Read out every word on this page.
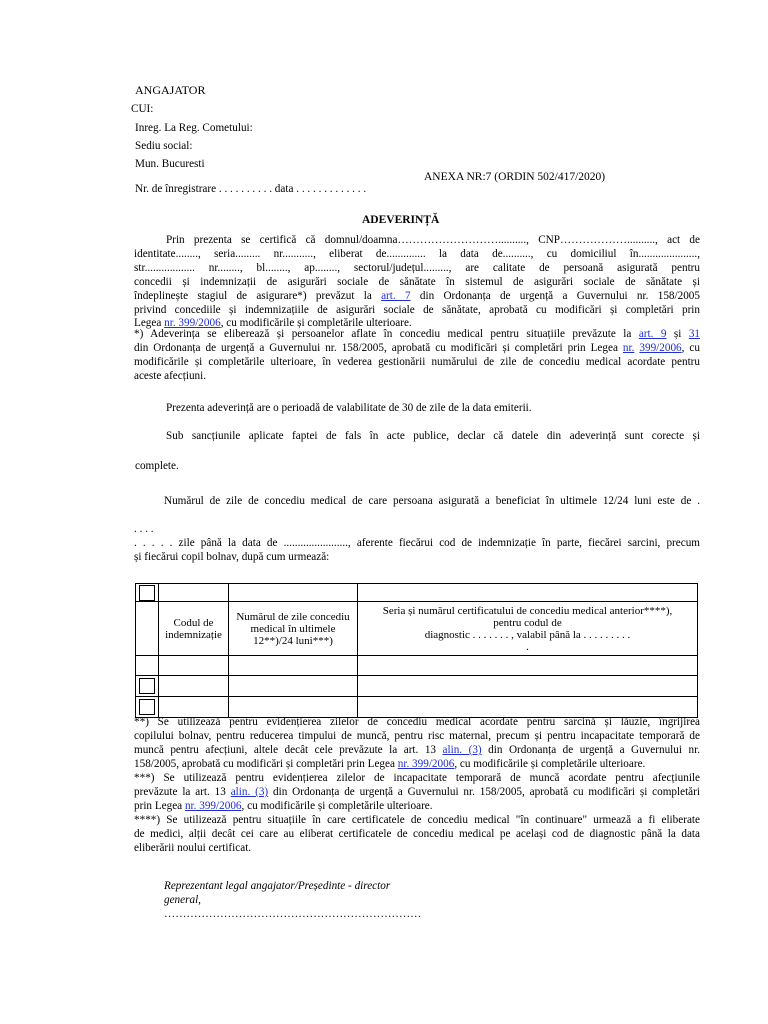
ANGAJATOR
CUI:
Inreg. La Reg. Cometului:
Sediu social:
Mun. Bucuresti
ANEXA NR:7 (ORDIN 502/417/2020)
Nr. de înregistrare . . . . . . . . . . data . . . . . . . . . . . . .
ADEVERINȚĂ
Prin prezenta se certifică că domnul/doamna……………………….........., CNP……………….........., act de
identitate........, seria......... nr..........., eliberat de.............. la data de.........., cu domiciliul în.....................,
str.................. nr........, bl........, ap........, sectorul/județul........., are calitate de persoană asigurată pentru
concedii și indemnizații de asigurări sociale de sănătate în sistemul de asigurări sociale de sănătate și
îndeplinește stagiul de asigurare*) prevăzut la art. 7 din Ordonanța de urgență a Guvernului nr. 158/2005
privind concediile și indemnizațiile de asigurări sociale de sănătate, aprobată cu modificări și completări prin
Legea nr. 399/2006, cu modificările și completările ulterioare.
*) Adeverința se eliberează și persoanelor aflate în concediu medical pentru situațiile prevăzute la art. 9 și 31
din Ordonanța de urgență a Guvernului nr. 158/2005, aprobată cu modificări și completări prin Legea nr. 399/2006, cu
modificările și completările ulterioare, în vederea gestionării numărului de zile de concediu medical acordate pentru
aceste afecțiuni.
Prezenta adeverință are o perioadă de valabilitate de 30 de zile de la data emiterii.
Sub sancțiunile aplicate faptei de fals în acte publice, declar că datele din adeverință sunt corecte și
complete.
Numărul de zile de concediu medical de care persoana asigurată a beneficiat în ultimele 12/24 luni este de .
. . . .
. . . . . zile până la data de ......................., aferente fiecărui cod de indemnizație în parte, fiecărei sarcini, precum
și fiecărui copil bolnav, după cum urmează:

	Codul de indemnizație	Numărul de zile concediu medical în ultimele 12**)/24 luni***)	Seria și numărul certificatului de concediu medical anterior****), pentru codul de
diagnostic . . . . . . . , valabil până la . . . . . . . . .
.

**) Se utilizează pentru evidențierea zilelor de concediu medical acordate pentru sarcină și lăuzie, îngrijirea
copilului bolnav, pentru reducerea timpului de muncă, pentru risc maternal, precum și pentru incapacitate temporară de
muncă pentru afecțiuni, altele decât cele prevăzute la art. 13 alin. (3) din Ordonanța de urgență a Guvernului nr.
158/2005, aprobată cu modificări și completări prin Legea nr. 399/2006, cu modificările și completările ulterioare.
***) Se utilizează pentru evidențierea zilelor de incapacitate temporară de muncă acordate pentru afecțiunile
prevăzute la art. 13 alin. (3) din Ordonanța de urgență a Guvernului nr. 158/2005, aprobată cu modificări și completări
prin Legea nr. 399/2006, cu modificările și completările ulterioare.
****) Se utilizează pentru situațiile în care certificatele de concediu medical "în continuare" urmează a fi eliberate
de medici, alții decât cei care au eliberat certificatele de concediu medical pe același cod de diagnostic până la data
eliberării noului certificat.
Reprezentant legal angajator/Președinte - director
general,
……………………………………………………………
